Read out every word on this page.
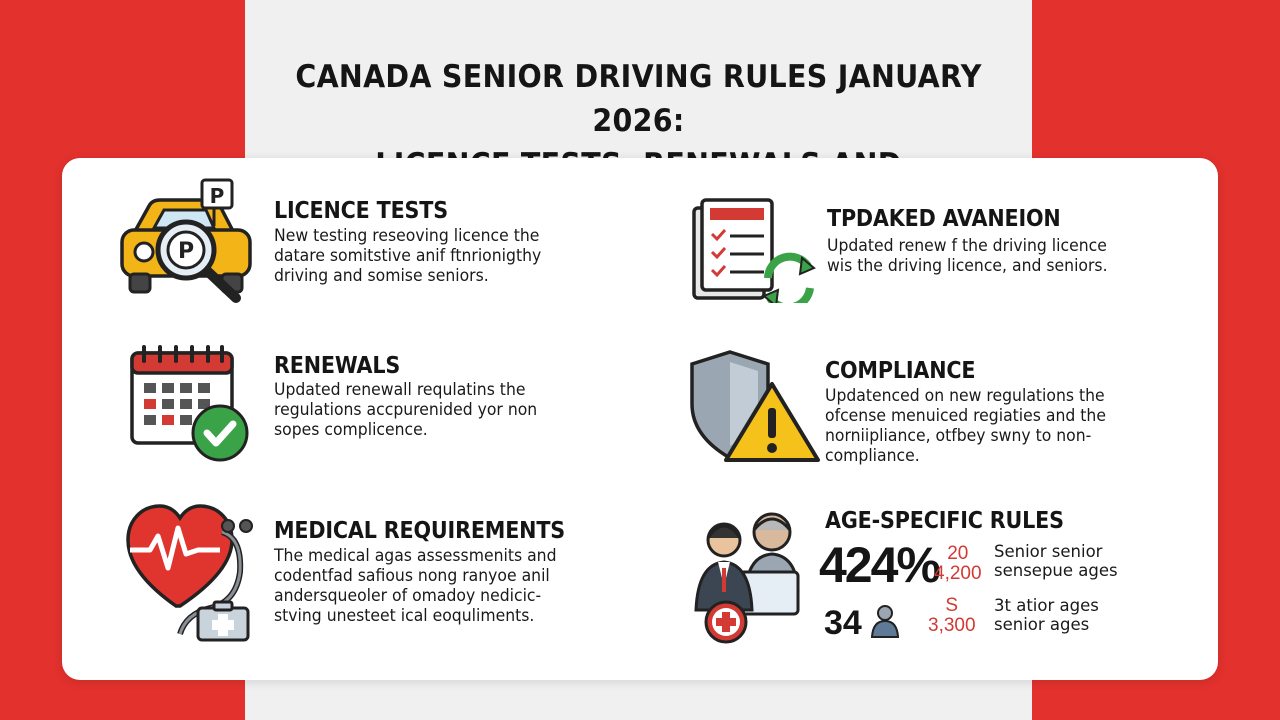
CANADA SENIOR DRIVING RULES JANUARY 2026:
P
P
LICENCE TESTS
New testing reseoving licence the
datare somitstive anif ftnrionigthy
driving and somise seniors.
TPDAKED AVANEION
Updated renew f the driving licence
wis the driving licence, and seniors.
RENEWALS
Updated renewall requlatins the
regulations accpurenided yor non
sopes complicence.
COMPLIANCE
Updatenced on new regulations the
ofcense menuiced regiaties and the
norniipliance, otfbey swny to non-
compliance.
MEDICAL REQUIREMENTS
The medical agas assessmenits and
codentfad safious nong ranyoe anil
andersqueoler of omadoy nedicic-
stving unesteet ical eoquliments.
AGE-SPECIFIC RULES
424% 20
4,200
Senior senior
sensepue ages
34	S
3,300
3t atior ages
senior ages
